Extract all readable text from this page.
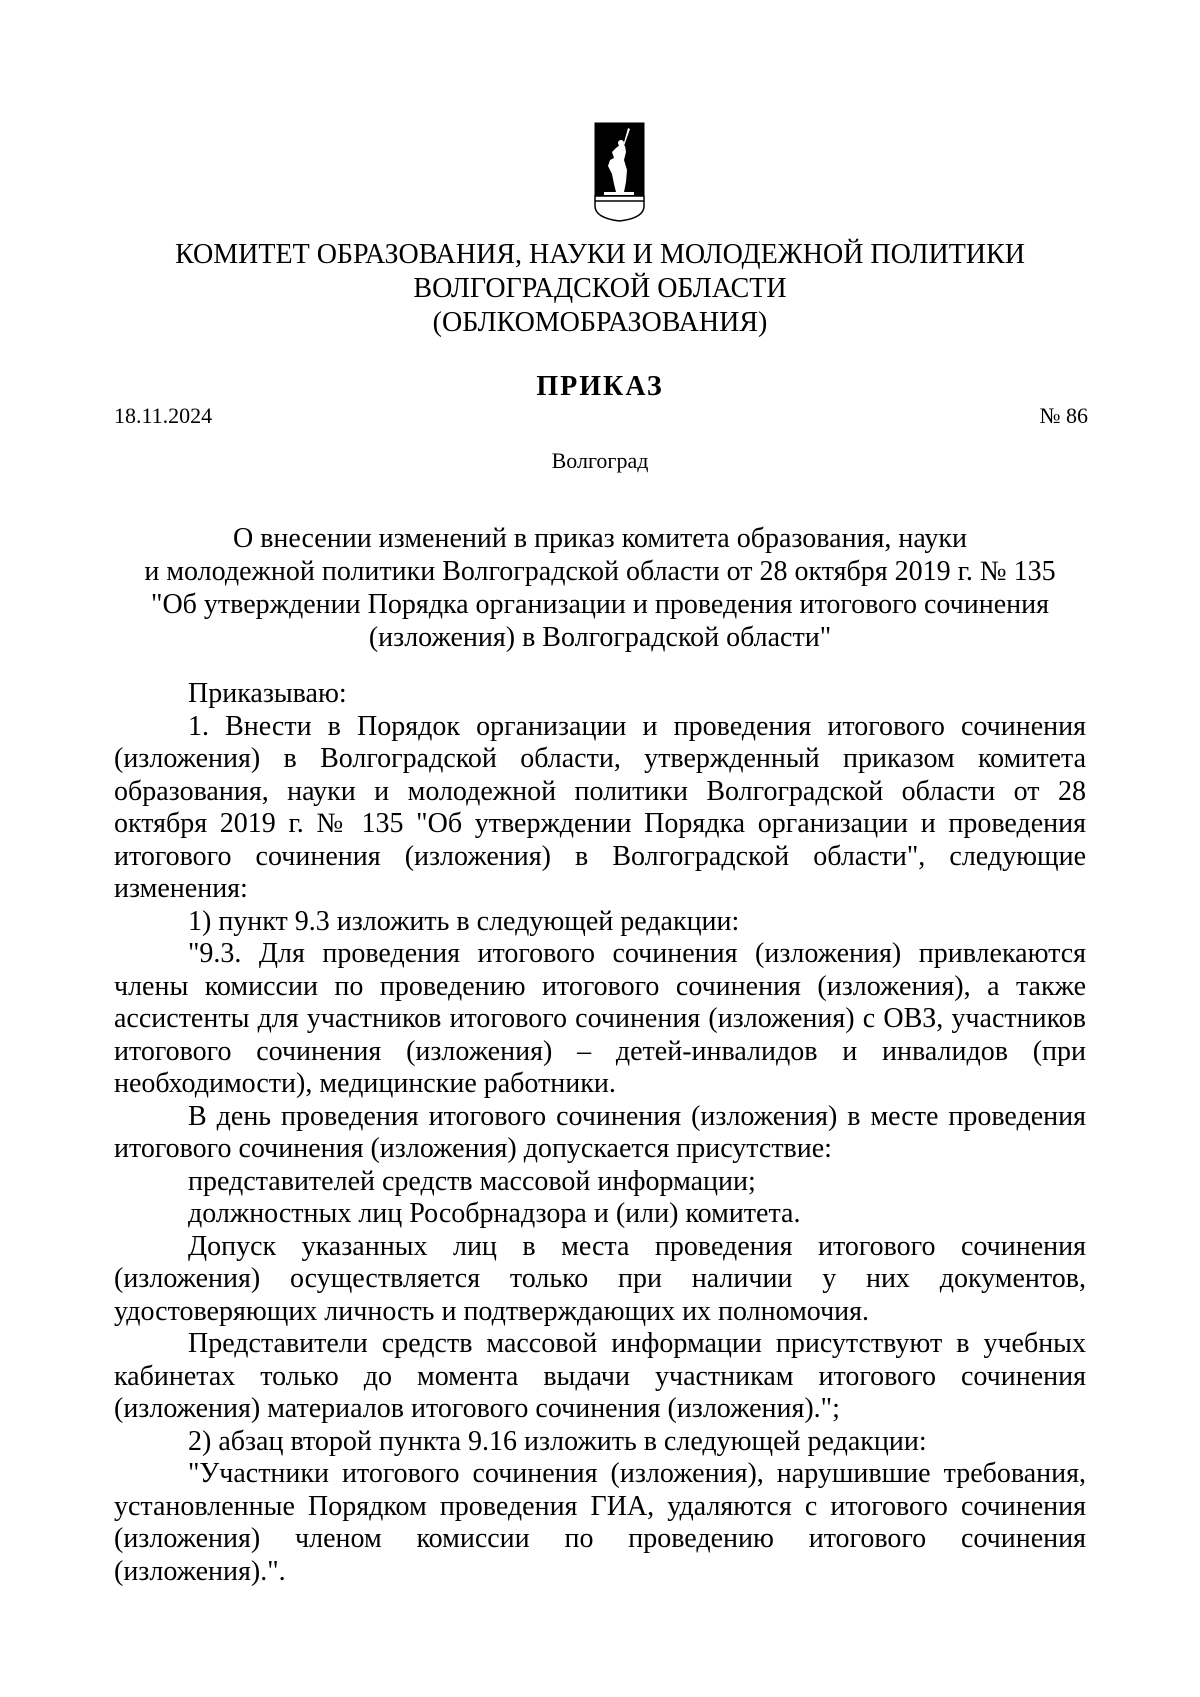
КОМИТЕТ ОБРАЗОВАНИЯ, НАУКИ И МОЛОДЕЖНОЙ ПОЛИТИКИ
ВОЛГОГРАДСКОЙ ОБЛАСТИ
(ОБЛКОМОБРАЗОВАНИЯ)
ПРИКАЗ
18.11.2024	№ 86
Волгоград
О внесении изменений в приказ комитета образования, науки
и молодежной политики Волгоградской области от 28 октября 2019 г. № 135
"Об утверждении Порядка организации и проведения итогового сочинения
(изложения) в Волгоградской области"

Приказываю:

1. Внести в Порядок организации и проведения итогового сочинения (изложения) в Волгоградской области, утвержденный приказом комитета образования, науки и молодежной политики Волгоградской области от 28 октября 2019 г. № 135 "Об утверждении Порядка организации и проведения итогового сочинения (изложения) в Волгоградской области", следующие изменения:

1) пункт 9.3 изложить в следующей редакции:

"9.3. Для проведения итогового сочинения (изложения) привлекаются члены комиссии по проведению итогового сочинения (изложения), а также ассистенты для участников итогового сочинения (изложения) с ОВЗ, участников итогового сочинения (изложения) – детей-инвалидов и инвалидов (при необходимости), медицинские работники.

В день проведения итогового сочинения (изложения) в месте проведения итогового сочинения (изложения) допускается присутствие:

представителей средств массовой информации;

должностных лиц Рособрнадзора и (или) комитета.

Допуск указанных лиц в места проведения итогового сочинения (изложения) осуществляется только при наличии у них документов, удостоверяющих личность и подтверждающих их полномочия.

Представители средств массовой информации присутствуют в учебных кабинетах только до момента выдачи участникам итогового сочинения (изложения) материалов итогового сочинения (изложения).";

2) абзац второй пункта 9.16 изложить в следующей редакции:

"Участники итогового сочинения (изложения), нарушившие требования, установленные Порядком проведения ГИА, удаляются с итогового сочинения (изложения) членом комиссии по проведению итогового сочинения (изложения).".
